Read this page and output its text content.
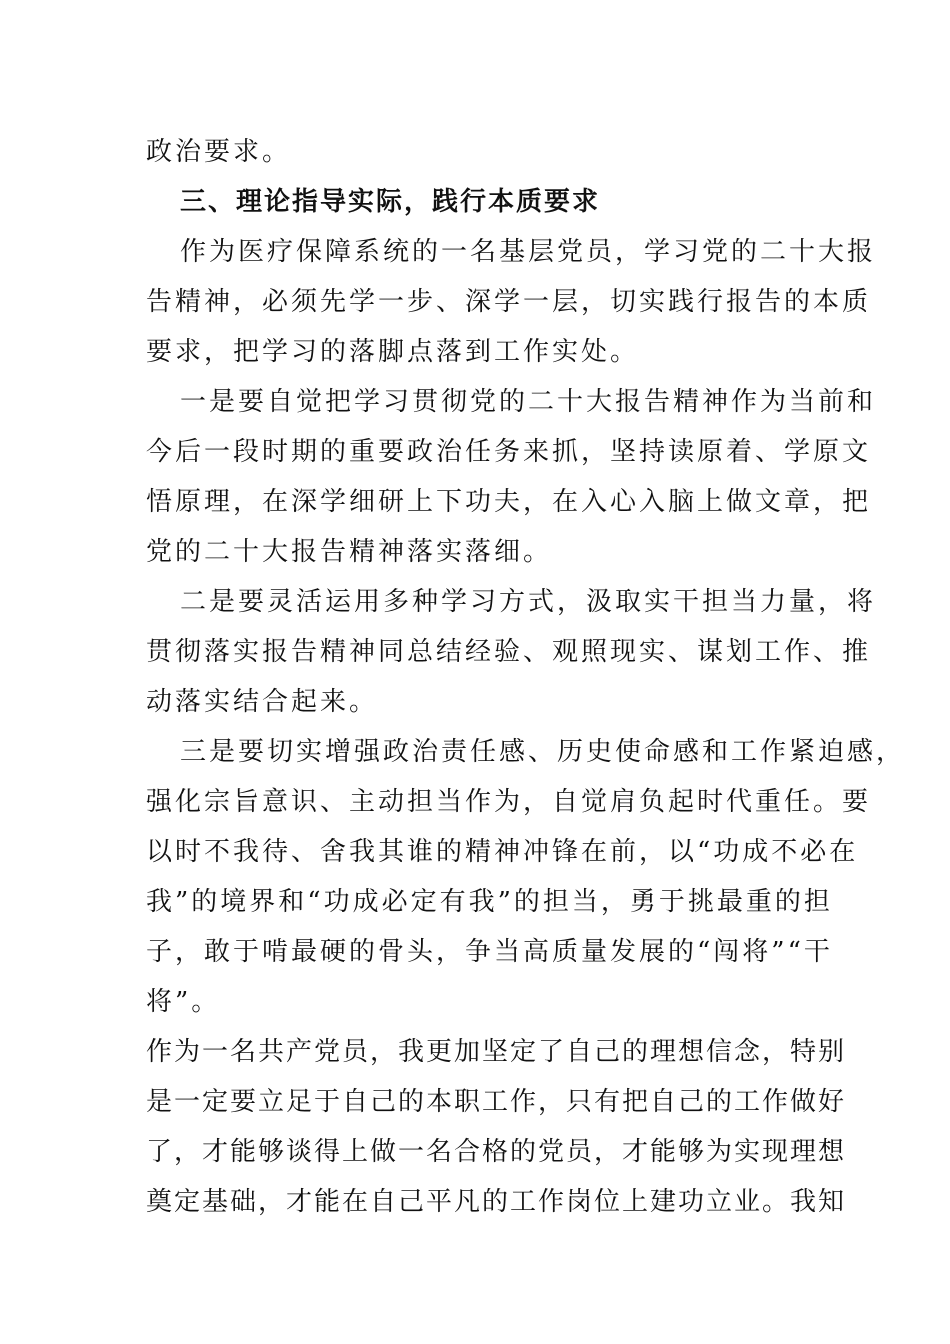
政治要求。
三、理论指导实际，践行本质要求
作为医疗保障系统的一名基层党员，学习党的二十大报
告精神，必须先学一步、深学一层，切实践行报告的本质
要求，把学习的落脚点落到工作实处。
一是要自觉把学习贯彻党的二十大报告精神作为当前和
今后一段时期的重要政治任务来抓，坚持读原着、学原文
悟原理，在深学细研上下功夫，在入心入脑上做文章，把
党的二十大报告精神落实落细。
二是要灵活运用多种学习方式，汲取实干担当力量，将
贯彻落实报告精神同总结经验、观照现实、谋划工作、推
动落实结合起来。
三是要切实增强政治责任感、历史使命感和工作紧迫感，
强化宗旨意识、主动担当作为，自觉肩负起时代重任。要
以时不我待、舍我其谁的精神冲锋在前，以“功成不必在
我”的境界和“功成必定有我”的担当，勇于挑最重的担
子，敢于啃最硬的骨头，争当高质量发展的“闯将”“干
将”。
作为一名共产党员，我更加坚定了自己的理想信念，特别
是一定要立足于自己的本职工作，只有把自己的工作做好
了，才能够谈得上做一名合格的党员，才能够为实现理想
奠定基础，才能在自己平凡的工作岗位上建功立业。我知
